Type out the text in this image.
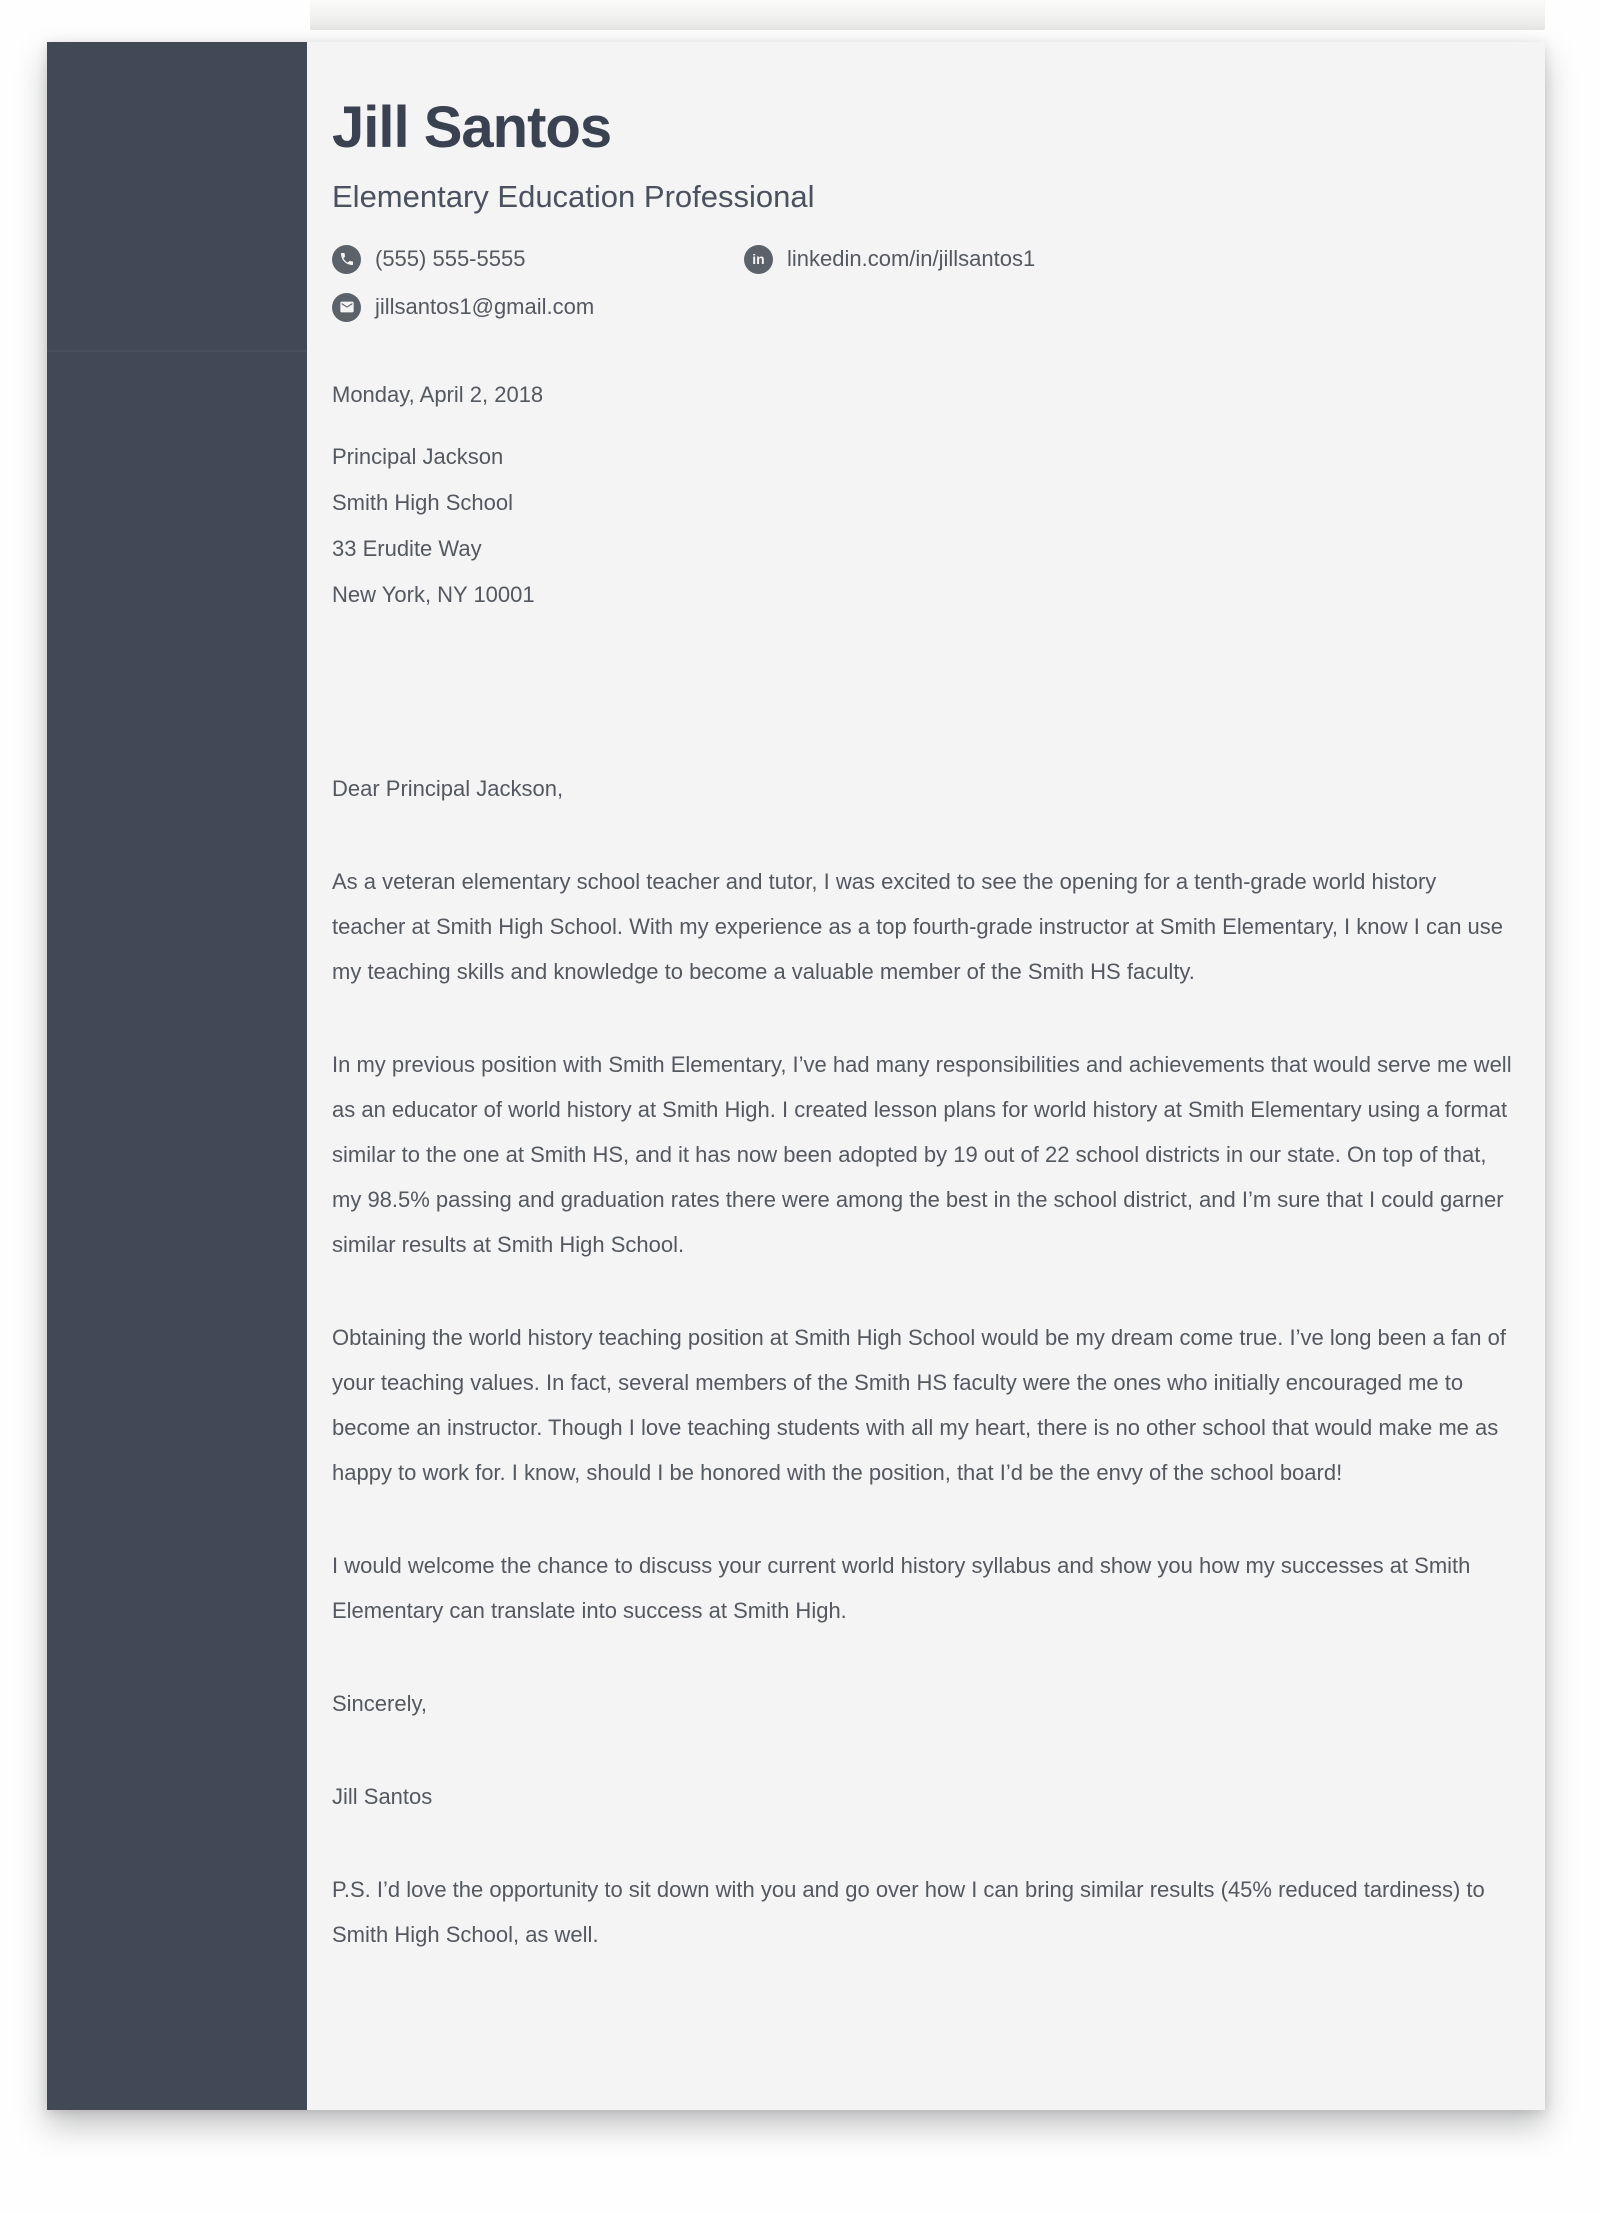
Jill Santos
Elementary Education Professional
(555) 555-5555	in	linkedin.com/in/jillsantos1
jillsantos1@gmail.com

Monday, April 2, 2018

Principal Jackson

Smith High School

33 Erudite Way

New York, NY 10001

Dear Principal Jackson,

As a veteran elementary school teacher and tutor, I was excited to see the opening for a tenth-grade world history teacher at Smith High School. With my experience as a top fourth-grade instructor at Smith Elementary, I know I can use my teaching skills and knowledge to become a valuable member of the Smith HS faculty.

In my previous position with Smith Elementary, I’ve had many responsibilities and achievements that would serve me well as an educator of world history at Smith High. I created lesson plans for world history at Smith Elementary using a format similar to the one at Smith HS, and it has now been adopted by 19 out of 22 school districts in our state. On top of that, my 98.5% passing and graduation rates there were among the best in the school district, and I’m sure that I could garner similar results at Smith High School.

Obtaining the world history teaching position at Smith High School would be my dream come true. I’ve long been a fan of your teaching values. In fact, several members of the Smith HS faculty were the ones who initially encouraged me to become an instructor. Though I love teaching students with all my heart, there is no other school that would make me as happy to work for. I know, should I be honored with the position, that I’d be the envy of the school board!

I would welcome the chance to discuss your current world history syllabus and show you how my successes at Smith Elementary can translate into success at Smith High.

Sincerely,

Jill Santos

P.S. I’d love the opportunity to sit down with you and go over how I can bring similar results (45% reduced tardiness) to Smith High School, as well.
